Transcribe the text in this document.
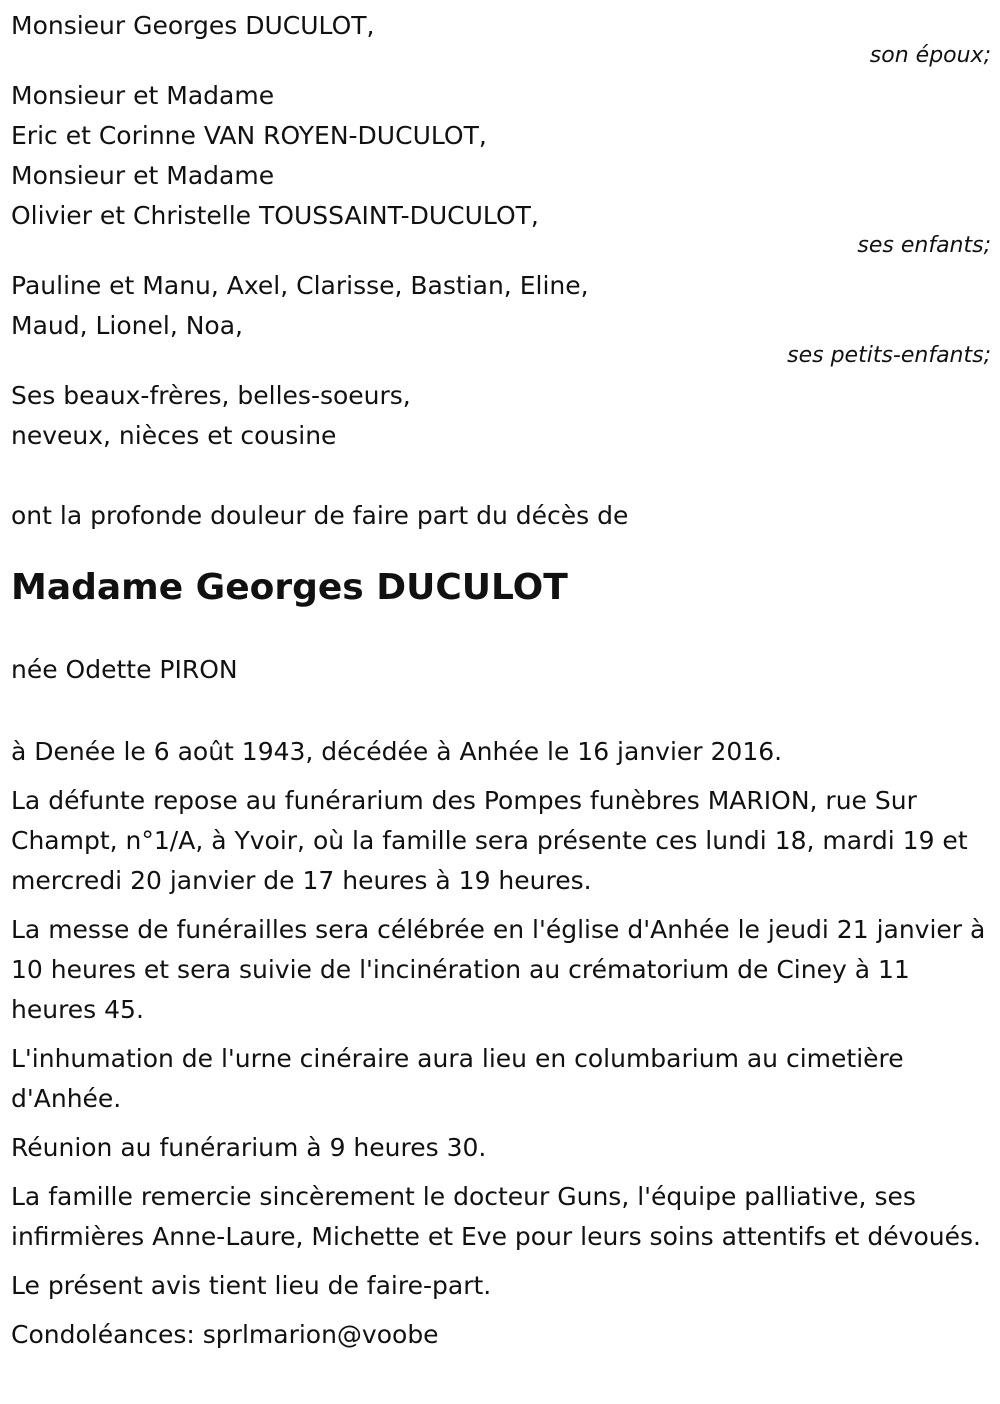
Monsieur Georges DUCULOT,
son époux;
Monsieur et Madame
Eric et Corinne VAN ROYEN-DUCULOT,
Monsieur et Madame
Olivier et Christelle TOUSSAINT-DUCULOT,
ses enfants;
Pauline et Manu, Axel, Clarisse, Bastian, Eline,
Maud, Lionel, Noa,
ses petits-enfants;
Ses beaux-frères, belles-soeurs,
neveux, nièces et cousine
ont la profonde douleur de faire part du décès de
Madame Georges DUCULOT
née Odette PIRON

à Denée le 6 août 1943, décédée à Anhée le 16 janvier 2016.

La défunte repose au funérarium des Pompes funèbres MARION, rue Sur Champt, n°1/A, à Yvoir, où la famille sera présente ces lundi 18, mardi 19 et mercredi 20 janvier de 17 heures à 19 heures.

La messe de funérailles sera célébrée en l'église d'Anhée le jeudi 21 janvier à 10 heures et sera suivie de l'incinération au crématorium de Ciney à 11 heures 45.

L'inhumation de l'urne cinéraire aura lieu en columbarium au cimetière d'Anhée.

Réunion au funérarium à 9 heures 30.

La famille remercie sincèrement le docteur Guns, l'équipe palliative, ses infirmières Anne-Laure, Michette et Eve pour leurs soins attentifs et dévoués.

Le présent avis tient lieu de faire-part.

Condoléances: sprlmarion@voobe
